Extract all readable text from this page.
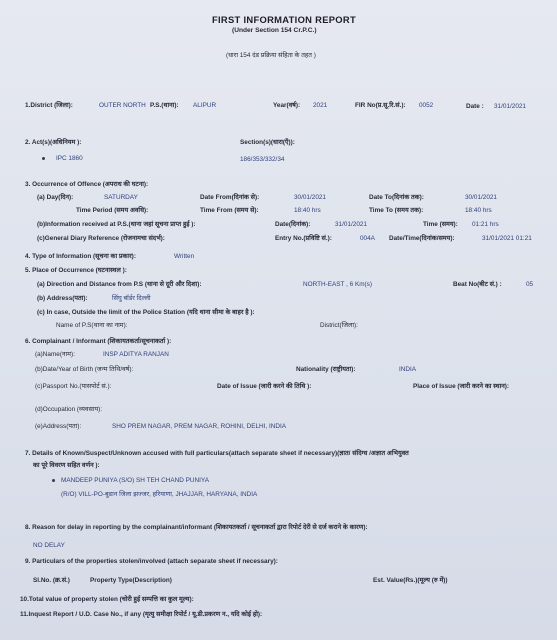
FIRST INFORMATION REPORT
(Under Section 154 Cr.P.C.)
(धारा 154 दंड प्रक्रिया संहिता के तहत )
1.District (जिला):	OUTER NORTH P.S.(थाना): ALIPUR	Year(वर्ष): 2021	FIR No(प्र.सू.रि.सं.): 0052	Date : 31/01/2021
2. Act(s)(अधिनियम ):	Section(s)(धारा(एँ)):
IPC 1860	186/353/332/34
3. Occurrence of Offence (अपराध की घटना):
(a) Day(दिन):	SATURDAY	Date From(दिनांक से):	30/01/2021	Date To(दिनांक तक):	30/01/2021
Time Period (समय अवधि):	Time From (समय से):	18:40 hrs	Time To (समय तक):	18:40 hrs
(b)Information received at P.S.(थाना जहां सूचना प्राप्त हुई ):	Date(दिनांक):	31/01/2021	Time (समय): 01:21 hrs
(c)General Diary Reference (रोजनामचा संदर्भ):	Entry No.(प्रविष्टि सं.):	004A Date/Time(दिनांक/समय):	31/01/2021 01:21
4. Type of Information (सूचना का प्रकार):	Written
5. Place of Occurrence (घटनास्थल ):
(a) Direction and Distance from P.S (थाना से दूरी और दिशा):	NORTH-EAST , 6 Km(s)	Beat No(बीट सं.) :	05
(b) Address(पता):	सिंघु बॉर्डर दिल्ली
(c) In case, Outside the limit of the Police Station (यदि थाना सीमा के बाहर है ):
Name of P.S(थाना का नाम):	District(जिला):
6. Complainant / Informant (शिकायतकर्ता/सूचनाकर्ता ):
(a)Name(नाम):	INSP ADITYA RANJAN
(b)Date/Year of Birth (जन्म तिथि/वर्ष):	Nationality (राष्ट्रीयता):	INDIA
(c)Passport No.(पासपोर्ट सं.):	Date of Issue (जारी करने की तिथि ):	Place of Issue (जारी करने का स्थान):
(d)Occupation (व्यवसाय):
(e)Address(पता):	SHO PREM NAGAR, PREM NAGAR, ROHINI, DELHI, INDIA
7. Details of Known/Suspect/Unknown accused with full particulars(attach separate sheet if necessary)(ज्ञात/ संदिग्ध /अज्ञात अभियुक्त
का पूरे विवरण सहित वर्णन ):
MANDEEP PUNIYA (S/O) SH TEH CHAND PUNIYA
(R/O) VILL-PO-बुडान जिला झज्जर, हरियाणा, JHAJJAR, HARYANA, INDIA
8. Reason for delay in reporting by the complainant/informant (शिकायतकर्ता / सूचनाकर्ता द्वारा रिपोर्ट देरी से दर्ज कराने के कारण):
NO DELAY
9. Particulars of the properties stolen/involved (attach separate sheet if necessary):
Sl.No. (क्र.सं.)	Property Type(Description)	Est. Value(Rs.)(मूल्य (रु में))
10.Total value of property stolen (चोरी हुई सम्पत्ति का कुल मूल्य):
11.Inquest Report / U.D. Case No., if any (मृत्यु समीक्षा रिपोर्ट / यू.डी.प्रकरण न., यदि कोई हो):
